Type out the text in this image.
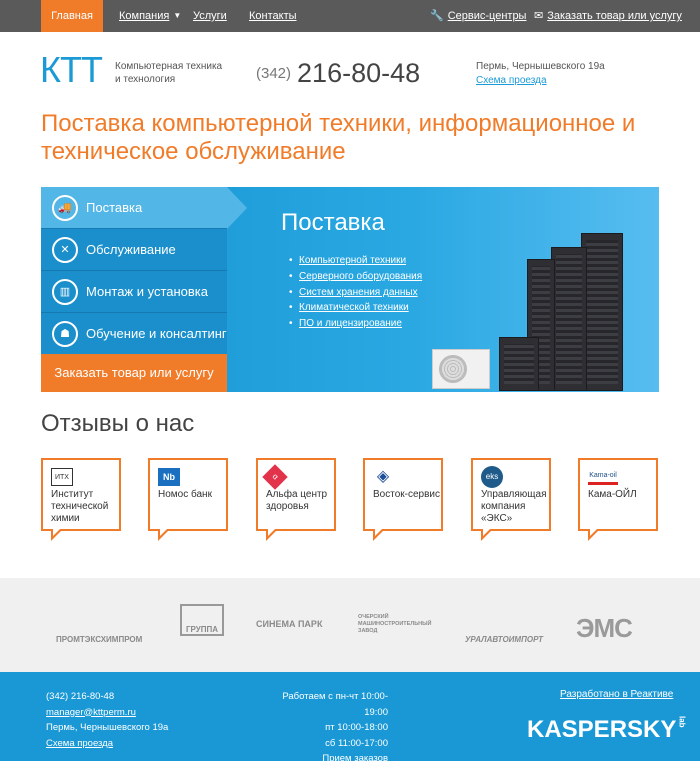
Главная	Компания ▼ Услуги Контакты	🔧 Сервис-центры ✉ Заказать товар или услугу
КТТ Компьютерная техника и технология	(342) 216-80-48	Пермь, Чернышевского 19а
Схема проезда
Поставка компьютерной техники, информационное и техническое обслуживание
🚚	Поставка
✕	Обслуживание
▥	Монтаж и установка
☗	Обучение и консалтинг
Заказать товар или услугу
Поставка
• Компьютерной техники
• Серверного оборудования
• Систем хранения данных
• Климатической техники
• ПО и лицензирование
Отзывы о нас
ИТХ
Институт технической химии
Nb
Номос банк
α
Альфа центр здоровья
◈
Восток-сервис
eks
Управляющая компания «ЭКС»
Kama-oil
Кама-ОЙЛ
ПРОМТЭКСХИМПРОМ
ГРУППА
СИНЕМА ПАРК
ОЧЕРСКИЙ МАШИНОСТРОИТЕЛЬНЫЙ ЗАВОД
УРАЛАВТОИМПОРТ ЭМС
(342) 216-80-48
manager@kttperm.ru
Пермь, Чернышевского 19а
Схема проезда
Работаем с пн-чт 10:00-19:00
пт 10:00-18:00
сб 11:00-17:00
Прием заказов круглосуточно
Разработано в Реактиве
KASPERSKYlab
